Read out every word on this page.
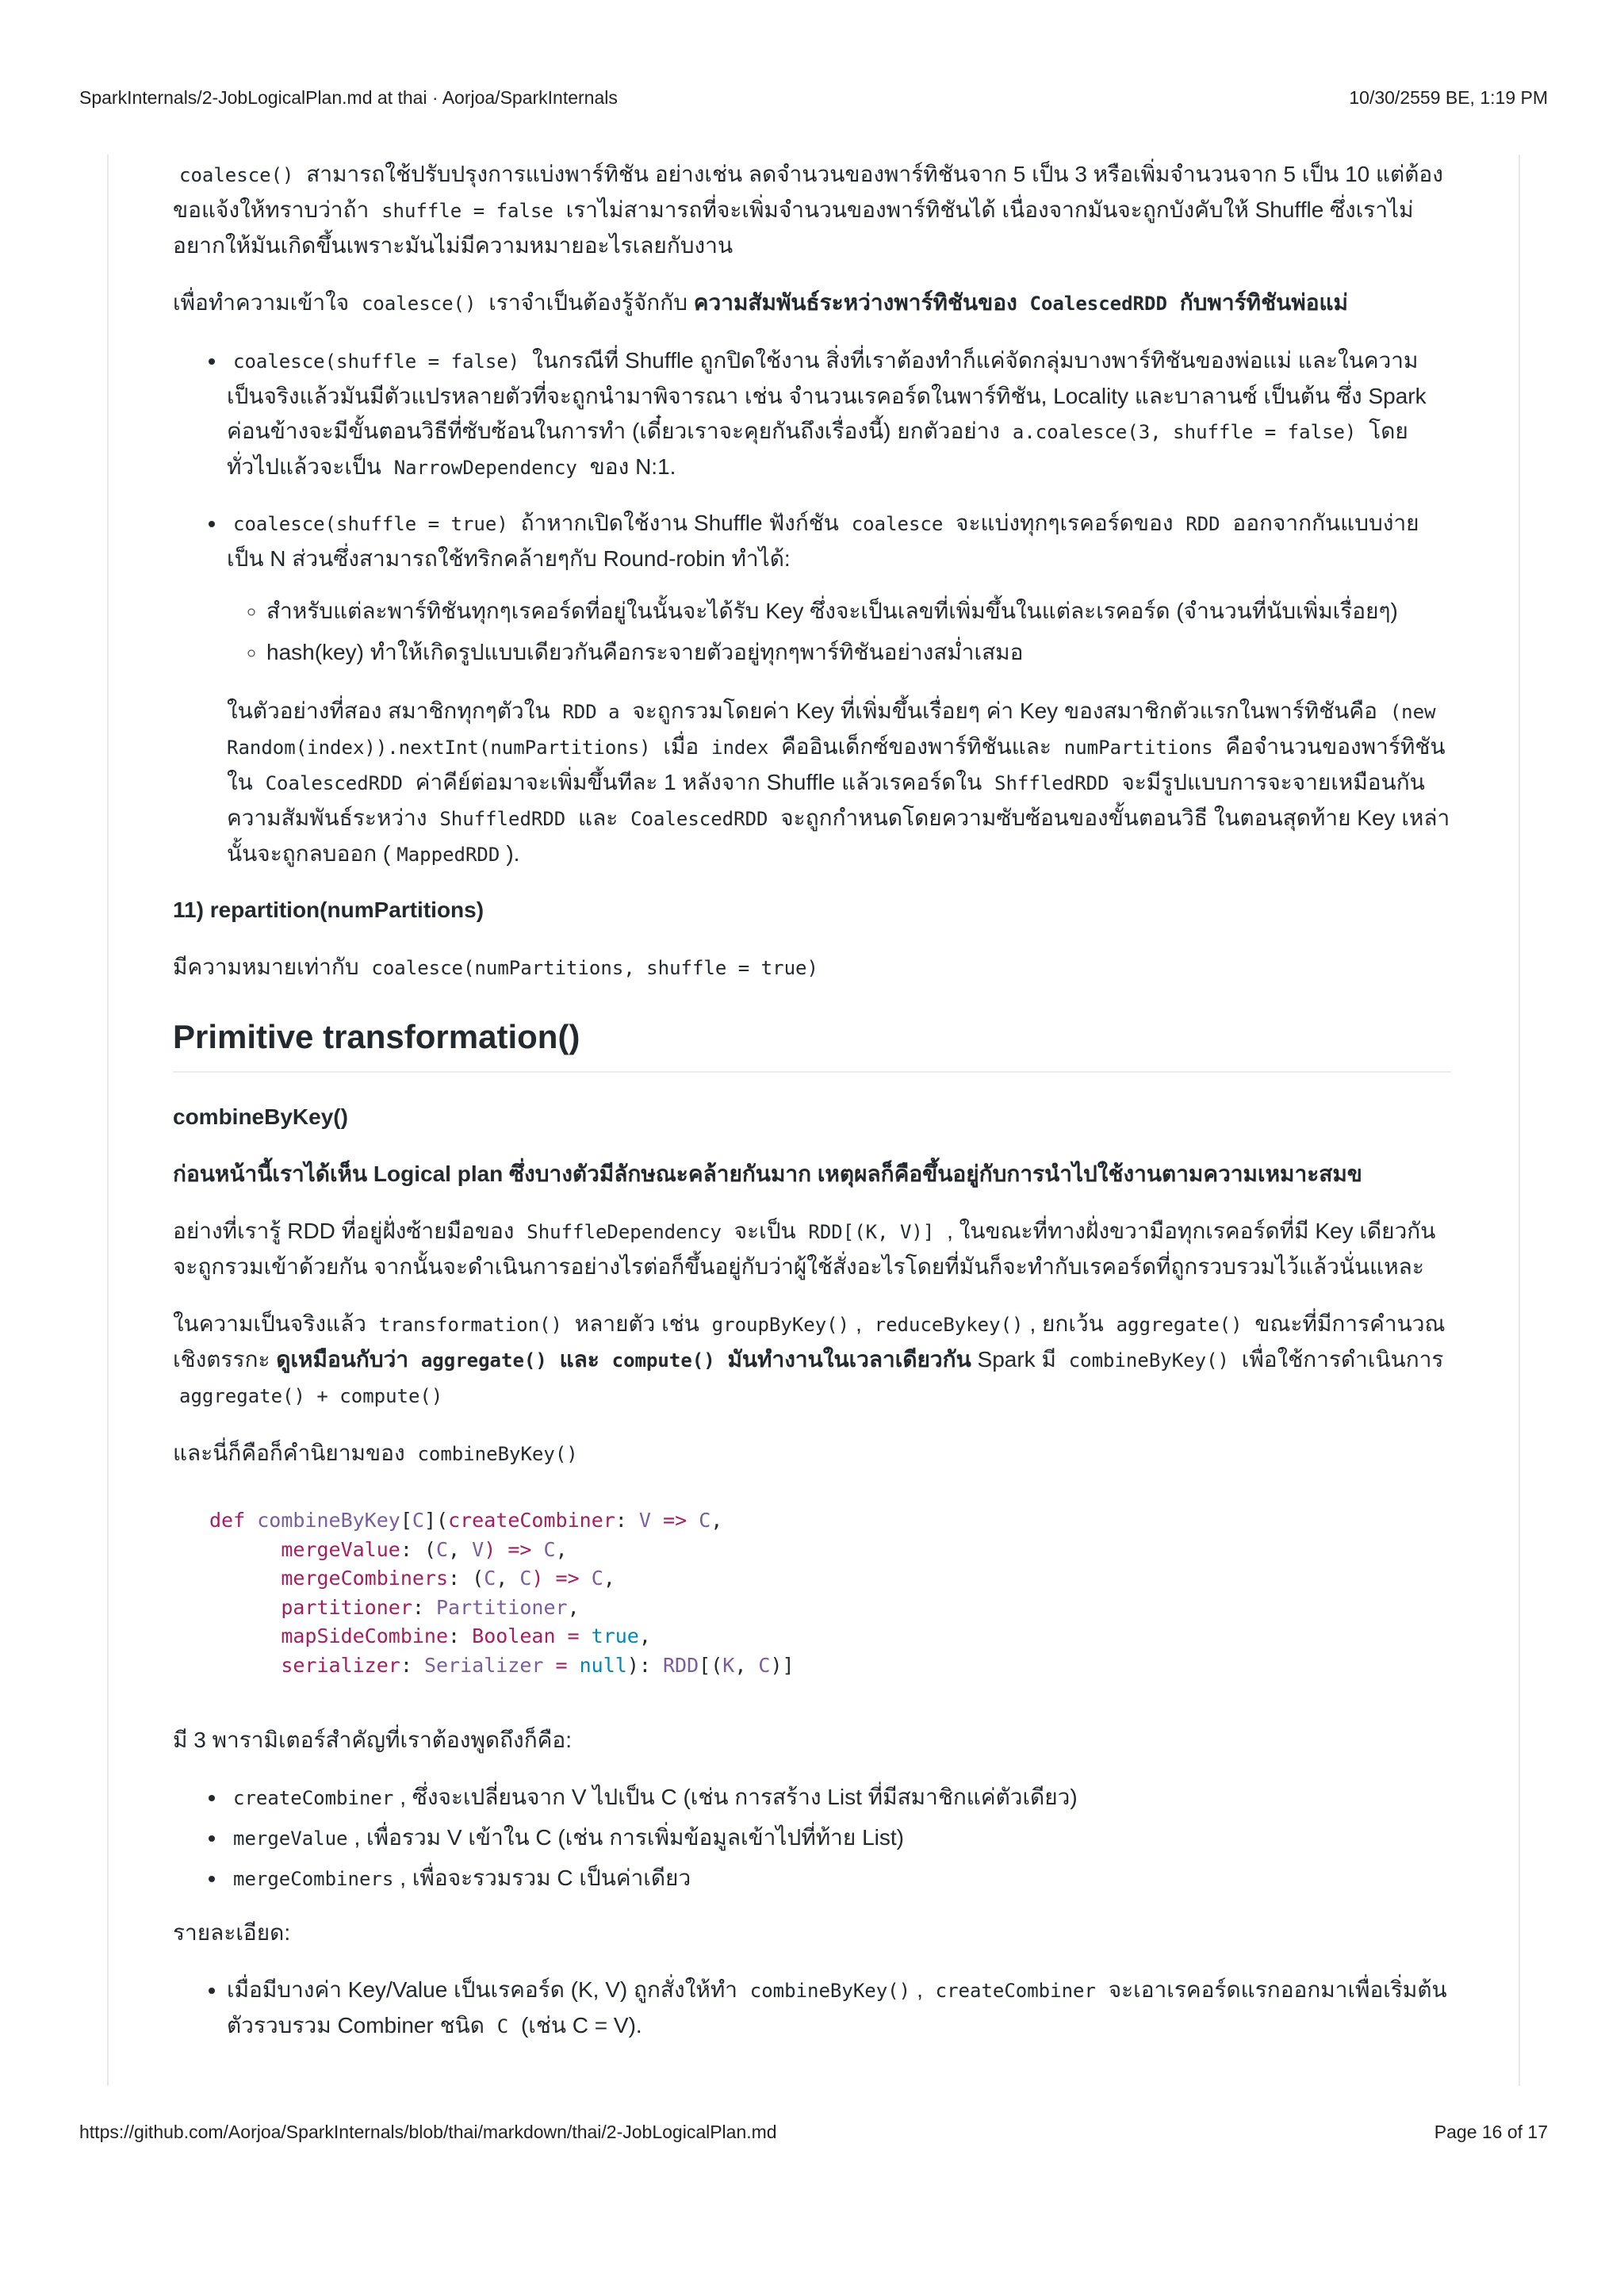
SparkInternals/2-JobLogicalPlan.md at thai · Aorjoa/SparkInternals	10/30/2559 BE, 1:19 PM

coalesce() สามารถใช้ปรับปรุงการแบ่งพาร์ทิชัน อย่างเช่น ลดจำนวนของพาร์ทิชันจาก 5 เป็น 3 หรือเพิ่มจำนวนจาก 5 เป็น 10 แต่ต้องขอแจ้งให้ทราบว่าถ้า shuffle = false เราไม่สามารถที่จะเพิ่มจำนวนของพาร์ทิชันได้ เนื่องจากมันจะถูกบังคับให้ Shuffle ซึ่งเราไม่อยากให้มันเกิดขึ้นเพราะมันไม่มีความหมายอะไรเลยกับงาน

เพื่อทำความเข้าใจ coalesce() เราจำเป็นต้องรู้จักกับ ความสัมพันธ์ระหว่างพาร์ทิชันของ CoalescedRDD กับพาร์ทิชันพ่อแม่

• coalesce(shuffle = false) ในกรณีที่ Shuffle ถูกปิดใช้งาน สิ่งที่เราต้องทำก็แค่จัดกลุ่มบางพาร์ทิชันของพ่อแม่ และในความเป็นจริงแล้วมันมีตัวแปรหลายตัวที่จะถูกนำมาพิจารณา เช่น จำนวนเรคอร์ดในพาร์ทิชัน, Locality และบาลานซ์ เป็นต้น ซึ่ง Spark ค่อนข้างจะมีขั้นตอนวิธีที่ซับซ้อนในการทำ (เดี๋ยวเราจะคุยกันถึงเรื่องนี้) ยกตัวอย่าง a.coalesce(3, shuffle = false) โดยทั่วไปแล้วจะเป็น NarrowDependency ของ N:1.
• coalesce(shuffle = true) ถ้าหากเปิดใช้งาน Shuffle ฟังก์ชัน coalesce จะแบ่งทุกๆเรคอร์ดของ RDD ออกจากกันแบบง่ายเป็น N ส่วนซึ่งสามารถใช้ทริกคล้ายๆกับ Round-robin ทำได้:
◦ สำหรับแต่ละพาร์ทิชันทุกๆเรคอร์ดที่อยู่ในนั้นจะได้รับ Key ซึ่งจะเป็นเลขที่เพิ่มขึ้นในแต่ละเรคอร์ด (จำนวนที่นับเพิ่มเรื่อยๆ)
◦ hash(key) ทำให้เกิดรูปแบบเดียวกันคือกระจายตัวอยู่ทุกๆพาร์ทิชันอย่างสม่ำเสมอ

ในตัวอย่างที่สอง สมาชิกทุกๆตัวใน RDD a จะถูกรวมโดยค่า Key ที่เพิ่มขึ้นเรื่อยๆ ค่า Key ของสมาชิกตัวแรกในพาร์ทิชันคือ (new Random(index)).nextInt(numPartitions) เมื่อ index คืออินเด็กซ์ของพาร์ทิชันและ numPartitions คือจำนวนของพาร์ทิชันใน CoalescedRDD ค่าคีย์ต่อมาจะเพิ่มขึ้นทีละ 1 หลังจาก Shuffle แล้วเรคอร์ดใน ShffledRDD จะมีรูปแบบการจะจายเหมือนกัน ความสัมพันธ์ระหว่าง ShuffledRDD และ CoalescedRDD จะถูกกำหนดโดยความซับซ้อนของขั้นตอนวิธี ในตอนสุดท้าย Key เหล่านั้นจะถูกลบออก ( MappedRDD ).

11) repartition(numPartitions)

มีความหมายเท่ากับ coalesce(numPartitions, shuffle = true)

Primitive transformation()
combineByKey()

ก่อนหน้านี้เราได้เห็น Logical plan ซึ่งบางตัวมีลักษณะคล้ายกันมาก เหตุผลก็คือขึ้นอยู่กับการนำไปใช้งานตามความเหมาะสมข

อย่างที่เรารู้ RDD ที่อยู่ฝั่งซ้ายมือของ ShuffleDependency จะเป็น RDD[(K, V)] , ในขณะที่ทางฝั่งขวามือทุกเรคอร์ดที่มี Key เดียวกันจะถูกรวมเข้าด้วยกัน จากนั้นจะดำเนินการอย่างไรต่อก็ขึ้นอยู่กับว่าผู้ใช้สั่งอะไรโดยที่มันก็จะทำกับเรคอร์ดที่ถูกรวบรวมไว้แล้วนั่นแหละ

ในความเป็นจริงแล้ว transformation() หลายตัว เช่น groupByKey() , reduceBykey() , ยกเว้น aggregate() ขณะที่มีการคำนวณเชิงตรรกะ ดูเหมือนกับว่า aggregate() และ compute() มันทำงานในเวลาเดียวกัน Spark มี combineByKey() เพื่อใช้การดำเนินการ aggregate() + compute()

และนี่ก็คือก็คำนิยามของ combineByKey()

def combineByKey[C](createCombiner: V => C,
mergeValue: (C, V) => C,
mergeCombiners: (C, C) => C,
partitioner: Partitioner,
mapSideCombine: Boolean = true,
serializer: Serializer = null): RDD[(K, C)]

มี 3 พารามิเตอร์สำคัญที่เราต้องพูดถึงก็คือ:

• createCombiner , ซึ่งจะเปลี่ยนจาก V ไปเป็น C (เช่น การสร้าง List ที่มีสมาชิกแค่ตัวเดียว)
• mergeValue , เพื่อรวม V เข้าใน C (เช่น การเพิ่มข้อมูลเข้าไปที่ท้าย List)
• mergeCombiners , เพื่อจะรวมรวม C เป็นค่าเดียว

รายละเอียด:

• เมื่อมีบางค่า Key/Value เป็นเรคอร์ด (K, V) ถูกสั่งให้ทำ combineByKey() , createCombiner จะเอาเรคอร์ดแรกออกมาเพื่อเริ่มต้นตัวรวบรวม Combiner ชนิด C (เช่น C = V).
https://github.com/Aorjoa/SparkInternals/blob/thai/markdown/thai/2-JobLogicalPlan.md	Page 16 of 17
